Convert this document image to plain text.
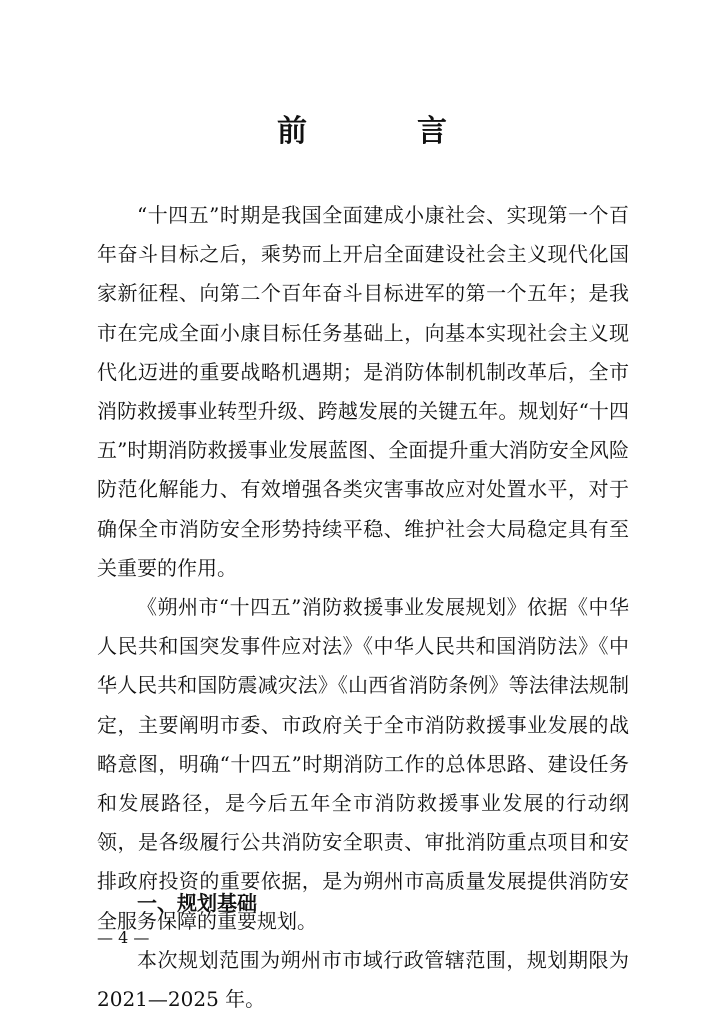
前　言

“十四五”时期是我国全面建成小康社会、实现第一个百年奋斗目标之后，乘势而上开启全面建设社会主义现代化国家新征程、向第二个百年奋斗目标进军的第一个五年；是我市在完成全面小康目标任务基础上，向基本实现社会主义现代化迈进的重要战略机遇期；是消防体制机制改革后，全市消防救援事业转型升级、跨越发展的关键五年。规划好“十四五”时期消防救援事业发展蓝图、全面提升重大消防安全风险防范化解能力、有效增强各类灾害事故应对处置水平，对于确保全市消防安全形势持续平稳、维护社会大局稳定具有至关重要的作用。

《朔州市“十四五”消防救援事业发展规划》依据《中华人民共和国突发事件应对法》《中华人民共和国消防法》《中华人民共和国防震减灾法》《山西省消防条例》等法律法规制定，主要阐明市委、市政府关于全市消防救援事业发展的战略意图，明确“十四五”时期消防工作的总体思路、建设任务和发展路径，是今后五年全市消防救援事业发展的行动纲领，是各级履行公共消防安全职责、审批消防重点项目和安排政府投资的重要依据，是为朔州市高质量发展提供消防安全服务保障的重要规划。

本次规划范围为朔州市市域行政管辖范围，规划期限为 2021—2025 年。

一、规划基础
— 4 —
